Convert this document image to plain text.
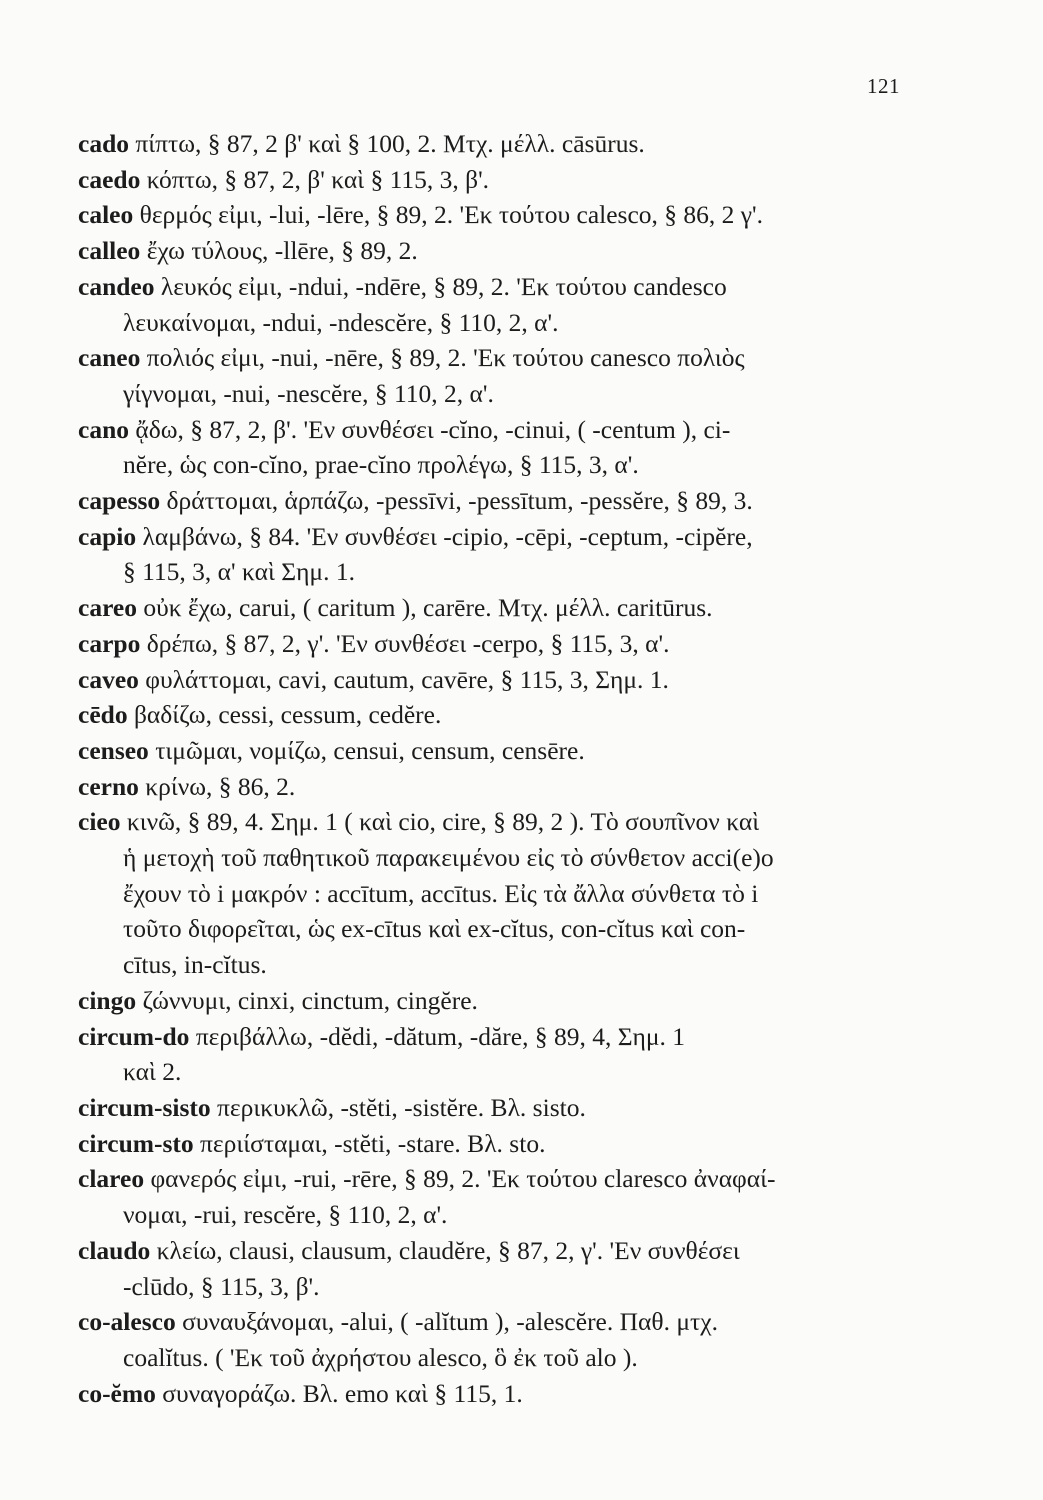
121
cado πίπτω, § 87, 2 β' καὶ § 100, 2. Μτχ. μέλλ. cāsūrus.
caedo κόπτω, § 87, 2, β' καὶ § 115, 3, β'.
caleo θερμός εἰμι, -lui, -lēre, § 89, 2. 'Εκ τούτου calesco, § 86, 2 γ'.
calleo ἔχω τύλους, -llēre, § 89, 2.
candeo λευκός εἰμι, -ndui, -ndēre, § 89, 2. 'Εκ τούτου candesco
λευκαίνομαι, -ndui, -ndescĕre, § 110, 2, α'.
caneo πολιός εἰμι, -nui, -nēre, § 89, 2. 'Εκ τούτου canesco πολιὸς
γίγνομαι, -nui, -nescĕre, § 110, 2, α'.
cano ᾄδω, § 87, 2, β'. 'Εν συνθέσει -cĭno, -cinui, ( -centum ), ci-
nĕre, ὡς con-cĭno, prae-cĭno προλέγω, § 115, 3, α'.
capesso δράττομαι, ἁρπάζω, -pessīvi, -pessītum, -pessĕre, § 89, 3.
capio λαμβάνω, § 84. 'Εν συνθέσει -cipio, -cēpi, -ceptum, -cipĕre,
§ 115, 3, α' καὶ Σημ. 1.
careo οὐκ ἔχω, carui, ( caritum ), carēre. Μτχ. μέλλ. caritūrus.
carpo δρέπω, § 87, 2, γ'. 'Εν συνθέσει -cerpo, § 115, 3, α'.
caveo φυλάττομαι, cavi, cautum, cavēre, § 115, 3, Σημ. 1.
cēdo βαδίζω, cessi, cessum, cedĕre.
censeo τιμῶμαι, νομίζω, censui, censum, censēre.
cerno κρίνω, § 86, 2.
cieo κινῶ, § 89, 4. Σημ. 1 ( καὶ cio, cire, § 89, 2 ). Τὸ σουπῖνον καὶ
ἡ μετοχὴ τοῦ παθητικοῦ παρακειμένου εἰς τὸ σύνθετον acci(e)o
ἔχουν τὸ i μακρόν : accītum, accītus. Εἰς τὰ ἄλλα σύνθετα τὸ i
τοῦτο διφορεῖται, ὡς ex-cītus καὶ ex-cĭtus, con-cĭtus καὶ con-
cītus, in-cĭtus.
cingo ζώννυμι, cinxi, cinctum, cingĕre.
circum-do περιβάλλω, -dĕdi, -dătum, -dăre, § 89, 4, Σημ. 1
καὶ 2.
circum-sisto περικυκλῶ, -stĕti, -sistĕre. Βλ. sisto.
circum-sto περιίσταμαι, -stĕti, -stare. Βλ. sto.
clareo φανερός εἰμι, -rui, -rēre, § 89, 2. 'Εκ τούτου claresco ἀναφαί-
νομαι, -rui, rescĕre, § 110, 2, α'.
claudo κλείω, clausi, clausum, claudĕre, § 87, 2, γ'. 'Εν συνθέσει
-clūdo, § 115, 3, β'.
co-alesco συναυξάνομαι, -alui, ( -alĭtum ), -alescĕre. Παθ. μτχ.
coalĭtus. ( 'Εκ τοῦ ἀχρήστου alesco, ὃ ἐκ τοῦ alo ).
co-ĕmo συναγοράζω. Βλ. emo καὶ § 115, 1.
